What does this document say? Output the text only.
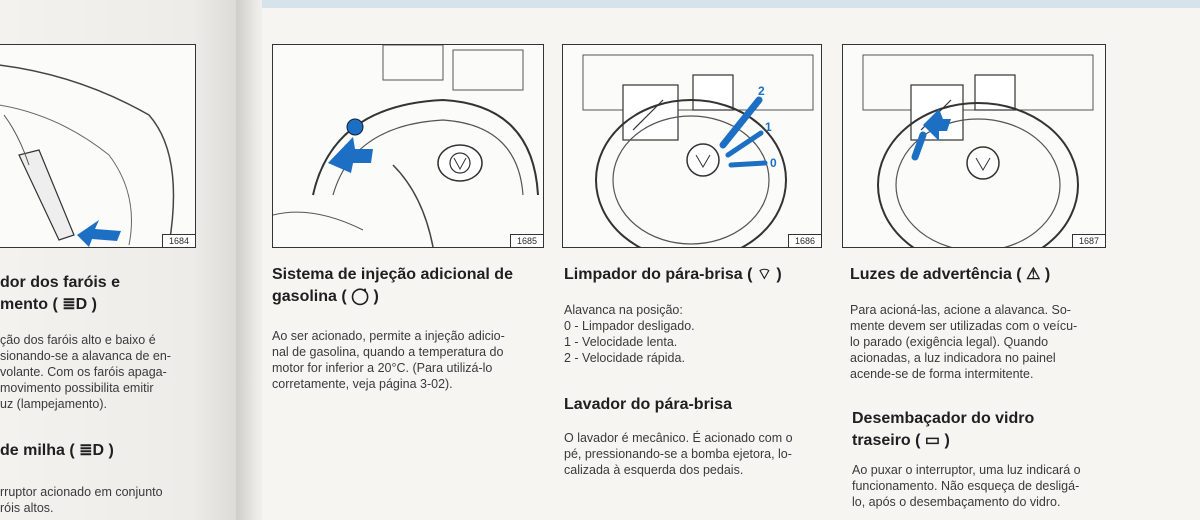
1684
dor dos faróis e
mento ( ≣D )
ção dos faróis alto e baixo é
sionando-se a alavanca de en-
volante. Com os faróis apaga-
movimento possibilita emitir
uz (lampejamento).
de milha ( ≣D )
rruptor acionado em conjunto
róis altos.
1685
2
1
0
1686	1687
Sistema de injeção adicional de
gasolina ( ◯̇ )
Ao ser acionado, permite a injeção adicio-
nal de gasolina, quando a temperatura do
motor for inferior a 20°C. (Para utilizá-lo
corretamente, veja página 3-02).
Limpador do pára-brisa ( ⌔ )
Alavanca na posição:
0 - Limpador desligado.
1 - Velocidade lenta.
2 - Velocidade rápida.
Lavador do pára-brisa
O lavador é mecânico. É acionado com o
pé, pressionando-se a bomba ejetora, lo-
calizada à esquerda dos pedais.
Luzes de advertência ( ⚠ )
Para acioná-las, acione a alavanca. So-
mente devem ser utilizadas com o veícu-
lo parado (exigência legal). Quando
acionadas, a luz indicadora no painel
acende-se de forma intermitente.
Desembaçador do vidro
traseiro ( ▭ )
Ao puxar o interruptor, uma luz indicará o
funcionamento. Não esqueça de desligá-
lo, após o desembaçamento do vidro.
